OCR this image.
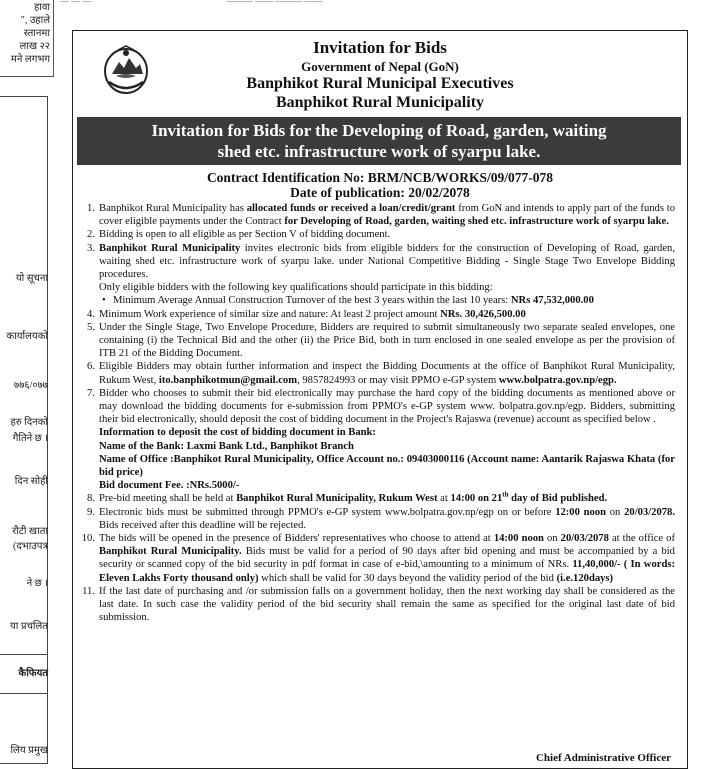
हावा
", उहाले
स्तानमा
लाख २२
मने लगभग
यो सूचना
कार्यालयको
७७६/०७७
हरु दिनको
गैतिने छ ।
दिन सोही
रौटी खाता
(दभाउपत्र
ने छ ।
या प्रचलित
कैफियत
लिय प्रमुख
— — —	——— —— ——— ——
Invitation for Bids
Government of Nepal (GoN)
Banphikot Rural Municipal Executives
Banphikot Rural Municipality
Invitation for Bids for the Developing of Road, garden, waiting
shed etc. infrastructure work of syarpu lake.
Contract Identification No: BRM/NCB/WORKS/09/077-078
Date of publication: 20/02/2078
1. Banphikot Rural Municipality has allocated funds or received a loan/credit/grant from GoN and intends to apply part of the funds to cover eligible payments under the Contract for Developing of Road, garden, waiting shed etc. infrastructure work of syarpu lake.
2. Bidding is open to all eligible as per Section V of bidding document.
3. Banphikot Rural Municipality invites electronic bids from eligible bidders for the construction of Developing of Road, garden, waiting shed etc. infrastructure work of syarpu lake. under National Competitive Bidding - Single Stage Two Envelope Bidding procedures.
Only eligible bidders with the following key qualifications should participate in this bidding:
• Minimum Average Annual Construction Turnover of the best 3 years within the last 10 years: NRs 47,532,000.00
4. Minimum Work experience of similar size and nature: At least 2 project amount NRs. 30,426,500.00
5. Under the Single Stage, Two Envelope Procedure, Bidders are required to submit simultaneously two separate sealed envelopes, one containing (i) the Technical Bid and the other (ii) the Price Bid, both in turn enclosed in one sealed envelope as per the provision of ITB 21 of the Bidding Document.
6. Eligible Bidders may obtain further information and inspect the Bidding Documents at the office of Banphikot Rural Municipality, Rukum West, ito.banphikotmun@gmail.com, 9857824993 or may visit PPMO e-GP system www.bolpatra.gov.np/egp.
7. Bidder who chooses to submit their bid electronically may purchase the hard copy of the bidding documents as mentioned above or may download the bidding documents for e-submission from PPMO's e-GP system www. bolpatra.gov.np/egp. Bidders, submitting their bid electronically, should deposit the cost of bidding document in the Project's Rajaswa (revenue) account as specified below .
Information to deposit the cost of bidding document in Bank:
Name of the Bank: Laxmi Bank Ltd., Banphikot Branch
Name of Office :Banphikot Rural Municipality, Office Account no.: 09403000116 (Account name: Aantarik Rajaswa Khata (for bid price)
Bid document Fee. :NRs.5000/-
8. Pre-bid meeting shall be held at Banphikot Rural Municipality, Rukum West at 14:00 on 21th day of Bid published.
9. Electronic bids must be submitted through PPMO's e-GP system www.bolpatra.gov.np/egp on or before 12:00 noon on 20/03/2078. Bids received after this deadline will be rejected.
10. The bids will be opened in the presence of Bidders' representatives who choose to attend at 14:00 noon on 20/03/2078 at the office of Banphikot Rural Municipality. Bids must be valid for a period of 90 days after bid opening and must be accompanied by a bid security or scanned copy of the bid security in pdf format in case of e-bid,\amounting to a minimum of NRs. 11,40,000/- ( In words: Eleven Lakhs Forty thousand only) which shall be valid for 30 days beyond the validity period of the bid (i.e.120days)
11. If the last date of purchasing and /or submission falls on a government holiday, then the next working day shall be considered as the last date. In such case the validity period of the bid security shall remain the same as specified for the original last date of bid submission.
Chief Administrative Officer
